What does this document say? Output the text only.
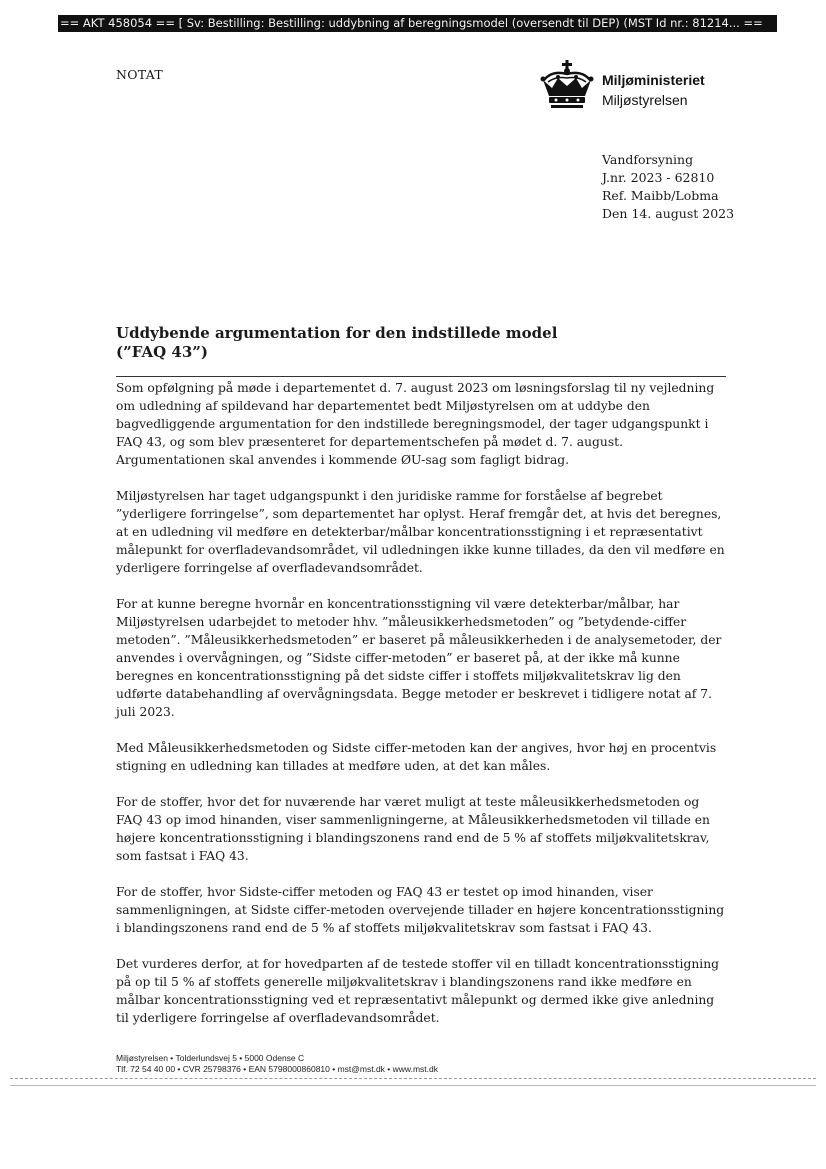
== AKT 458054 == [ Sv: Bestilling: Bestilling: uddybning af beregningsmodel (oversendt til DEP) (MST Id nr.: 81214... ==
NOTAT	Miljøministeriet
Miljøstyrelsen
Vandforsyning
J.nr. 2023 - 62810
Ref. Maibb/Lobma
Den 14. august 2023
Uddybende argumentation for den indstillede model (”FAQ 43”)

Som opfølgning på møde i departementet d. 7. august 2023 om løsningsforslag til ny vejledning om udledning af spildevand har departementet bedt Miljøstyrelsen om at uddybe den bagvedliggende argumentation for den indstillede beregningsmodel, der tager udgangspunkt i FAQ 43, og som blev præsenteret for departementschefen på mødet d. 7. august. Argumentationen skal anvendes i kommende ØU-sag som fagligt bidrag.

Miljøstyrelsen har taget udgangspunkt i den juridiske ramme for forståelse af begrebet ”yderligere forringelse”, som departementet har oplyst. Heraf fremgår det, at hvis det beregnes, at en udledning vil medføre en detekterbar/målbar koncentrationsstigning i et repræsentativt målepunkt for overfladevandsområdet, vil udledningen ikke kunne tillades, da den vil medføre en yderligere forringelse af overfladevandsområdet.

For at kunne beregne hvornår en koncentrationsstigning vil være detekterbar/målbar, har Miljøstyrelsen udarbejdet to metoder hhv. ”måleusikkerhedsmetoden” og ”betydende-ciffer metoden”. ”Måleusikkerhedsmetoden” er baseret på måleusikkerheden i de analysemetoder, der anvendes i overvågningen, og ”Sidste ciffer-metoden” er baseret på, at der ikke må kunne beregnes en koncentrationsstigning på det sidste ciffer i stoffets miljøkvalitetskrav lig den udførte databehandling af overvågningsdata. Begge metoder er beskrevet i tidligere notat af 7. juli 2023.

Med Måleusikkerhedsmetoden og Sidste ciffer-metoden kan der angives, hvor høj en procentvis stigning en udledning kan tillades at medføre uden, at det kan måles.

For de stoffer, hvor det for nuværende har været muligt at teste måleusikkerhedsmetoden og FAQ 43 op imod hinanden, viser sammenligningerne, at Måleusikkerhedsmetoden vil tillade en højere koncentrationsstigning i blandingszonens rand end de 5 % af stoffets miljøkvalitetskrav, som fastsat i FAQ 43.

For de stoffer, hvor Sidste-ciffer metoden og FAQ 43 er testet op imod hinanden, viser sammenligningen, at Sidste ciffer-metoden overvejende tillader en højere koncentrationsstigning i blandingszonens rand end de 5 % af stoffets miljøkvalitetskrav som fastsat i FAQ 43.

Det vurderes derfor, at for hovedparten af de testede stoffer vil en tilladt koncentrationsstigning på op til 5 % af stoffets generelle miljøkvalitetskrav i blandingszonens rand ikke medføre en målbar koncentrationsstigning ved et repræsentativt målepunkt og dermed ikke give anledning til yderligere forringelse af overfladevandsområdet.

Miljøstyrelsen • Tolderlundsvej 5 • 5000 Odense C
Tlf. 72 54 40 00 • CVR 25798376 • EAN 5798000860810 • mst@mst.dk • www.mst.dk
